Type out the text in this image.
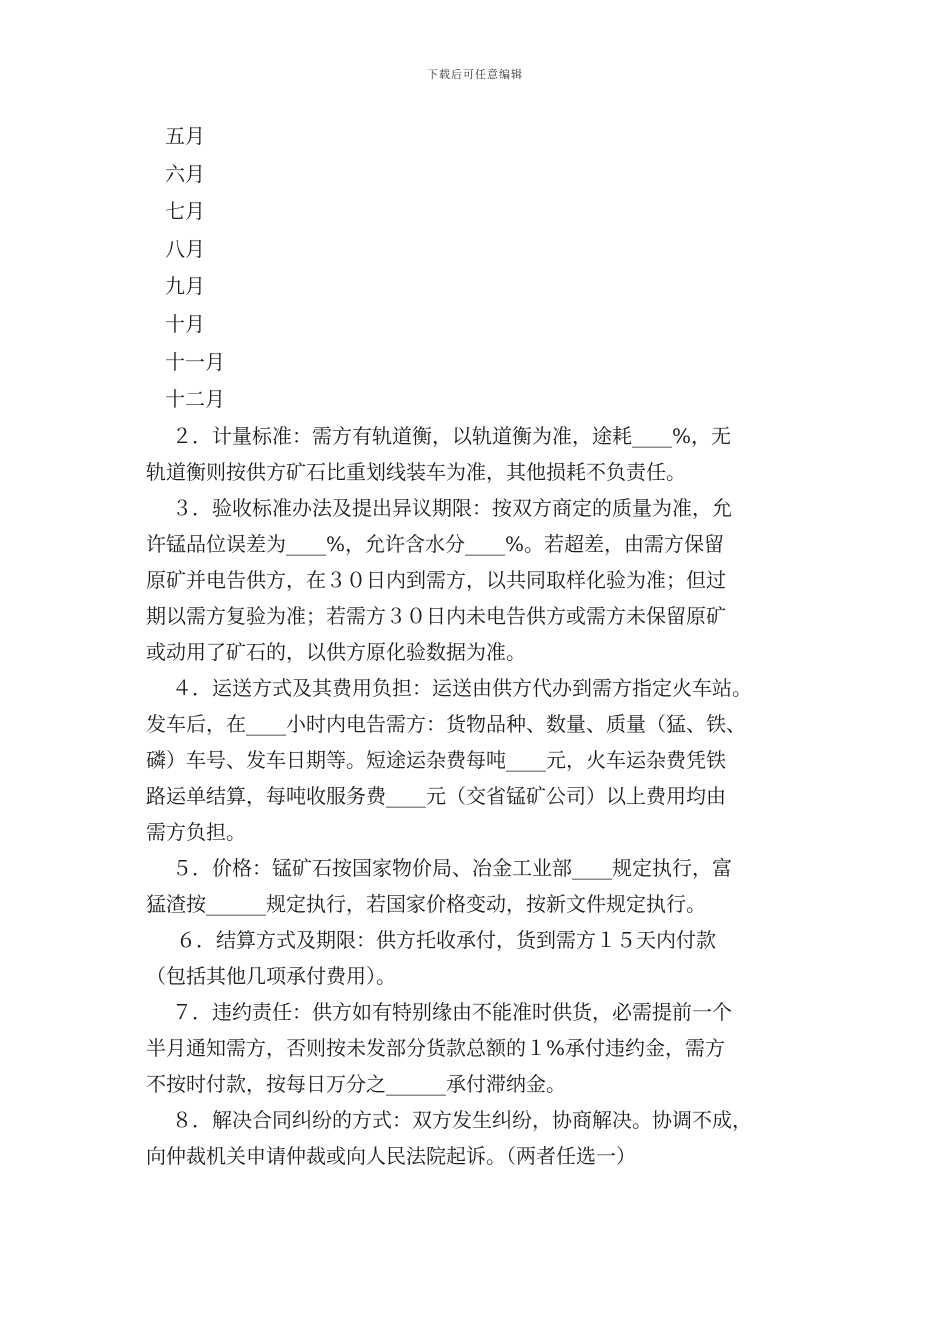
下载后可任意编辑
五月
六月
七月
八月
九月
十月
十一月
十二月
２．计量标准：需方有轨道衡，以轨道衡为准，途耗____%，无
轨道衡则按供方矿石比重划线装车为准，其他损耗不负责任。
３．验收标准办法及提出异议期限：按双方商定的质量为准，允
许锰品位误差为____%，允许含水分____%。若超差，由需方保留
原矿并电告供方，在３０日内到需方，以共同取样化验为准；但过
期以需方复验为准；若需方３０日内未电告供方或需方未保留原矿
或动用了矿石的，以供方原化验数据为准。
４．运送方式及其费用负担：运送由供方代办到需方指定火车站。
发车后，在____小时内电告需方：货物品种、数量、质量（猛、铁、
磷）车号、发车日期等。短途运杂费每吨____元，火车运杂费凭铁
路运单结算，每吨收服务费____元（交省锰矿公司）以上费用均由
需方负担。
５．价格：锰矿石按国家物价局、冶金工业部____规定执行，富
猛渣按______规定执行，若国家价格变动，按新文件规定执行。
６．结算方式及期限：供方托收承付，货到需方１５天内付款
（包括其他几项承付费用）。
７．违约责任：供方如有特别缘由不能准时供货，必需提前一个
半月通知需方，否则按未发部分货款总额的１%承付违约金，需方
不按时付款，按每日万分之______承付滞纳金。
８．解决合同纠纷的方式：双方发生纠纷，协商解决。协调不成，
向仲裁机关申请仲裁或向人民法院起诉。（两者任选一）
